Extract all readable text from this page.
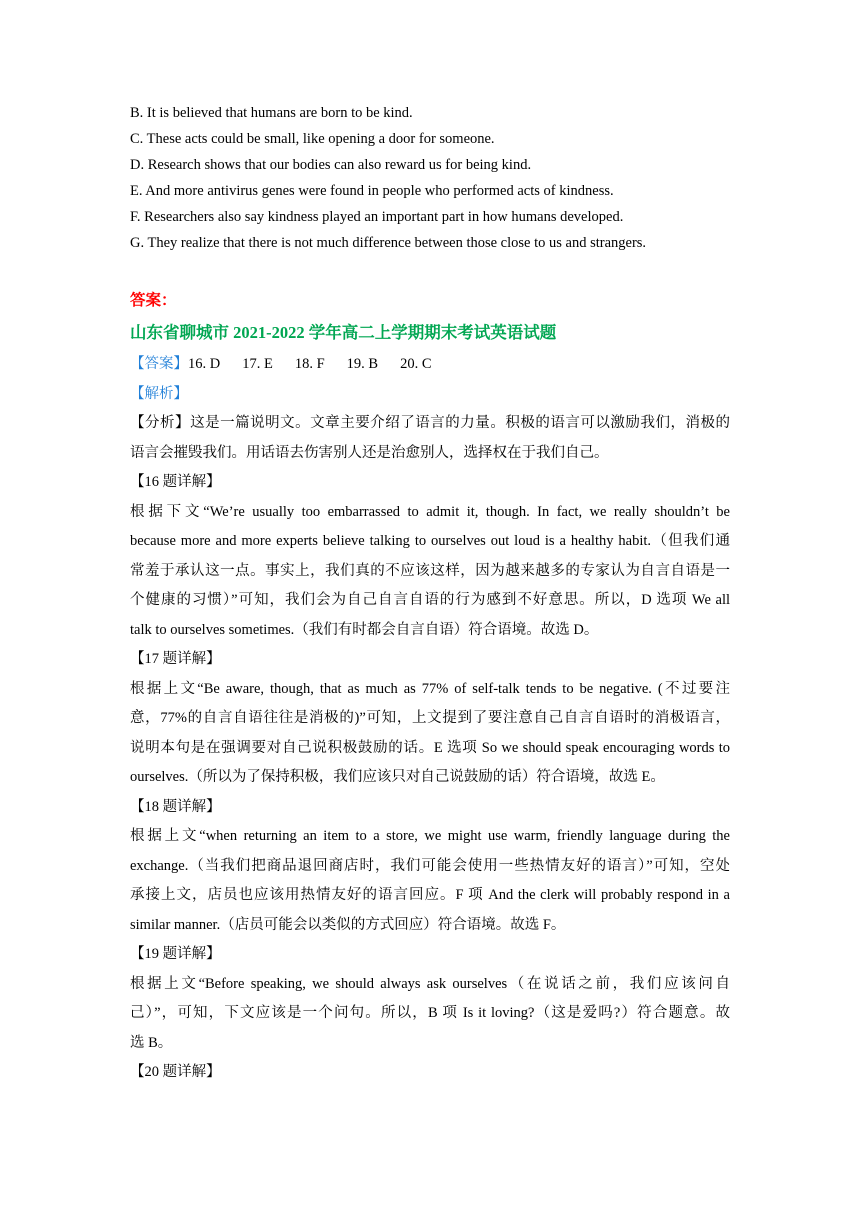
B. It is believed that humans are born to be kind.
C. These acts could be small, like opening a door for someone.
D. Research shows that our bodies can also reward us for being kind.
E. And more antivirus genes were found in people who performed acts of kindness.
F. Researchers also say kindness played an important part in how humans developed.
G. They realize that there is not much difference between those close to us and strangers.
答案：
山东省聊城市 2021-2022 学年高二上学期期末考试英语试题
【答案】16. D 17. E 18. F 19. B 20. C
【解析】
【分析】这是一篇说明文。文章主要介绍了语言的力量。积极的语言可以激励我们，消极的
语言会摧毁我们。用话语去伤害别人还是治愈别人，选择权在于我们自己。
【16 题详解】
根据下文“We’re usually too embarrassed to admit it, though. In fact, we really shouldn’t be
because more and more experts believe talking to ourselves out loud is a healthy habit.（但我们通
常羞于承认这一点。事实上，我们真的不应该这样，因为越来越多的专家认为自言自语是一
个健康的习惯）”可知，我们会为自己自言自语的行为感到不好意思。所以，D 选项 We all
talk to ourselves sometimes.（我们有时都会自言自语）符合语境。故选 D。
【17 题详解】
根据上文“Be aware, though, that as much as 77% of self-talk tends to be negative. (不过要注
意，77%的自言自语往往是消极的)”可知，上文提到了要注意自己自言自语时的消极语言，
说明本句是在强调要对自己说积极鼓励的话。E 选项 So we should speak encouraging words to
ourselves.（所以为了保持积极，我们应该只对自己说鼓励的话）符合语境，故选 E。
【18 题详解】
根据上文“when returning an item to a store, we might use warm, friendly language during the
exchange.（当我们把商品退回商店时，我们可能会使用一些热情友好的语言）”可知，空处
承接上文，店员也应该用热情友好的语言回应。F 项 And the clerk will probably respond in a
similar manner.（店员可能会以类似的方式回应）符合语境。故选 F。
【19 题详解】
根据上文“Before speaking, we should always ask ourselves（在说话之前，我们应该问自
己）”，可知，下文应该是一个问句。所以，B 项 Is it loving?（这是爱吗?）符合题意。故
选 B。
【20 题详解】
